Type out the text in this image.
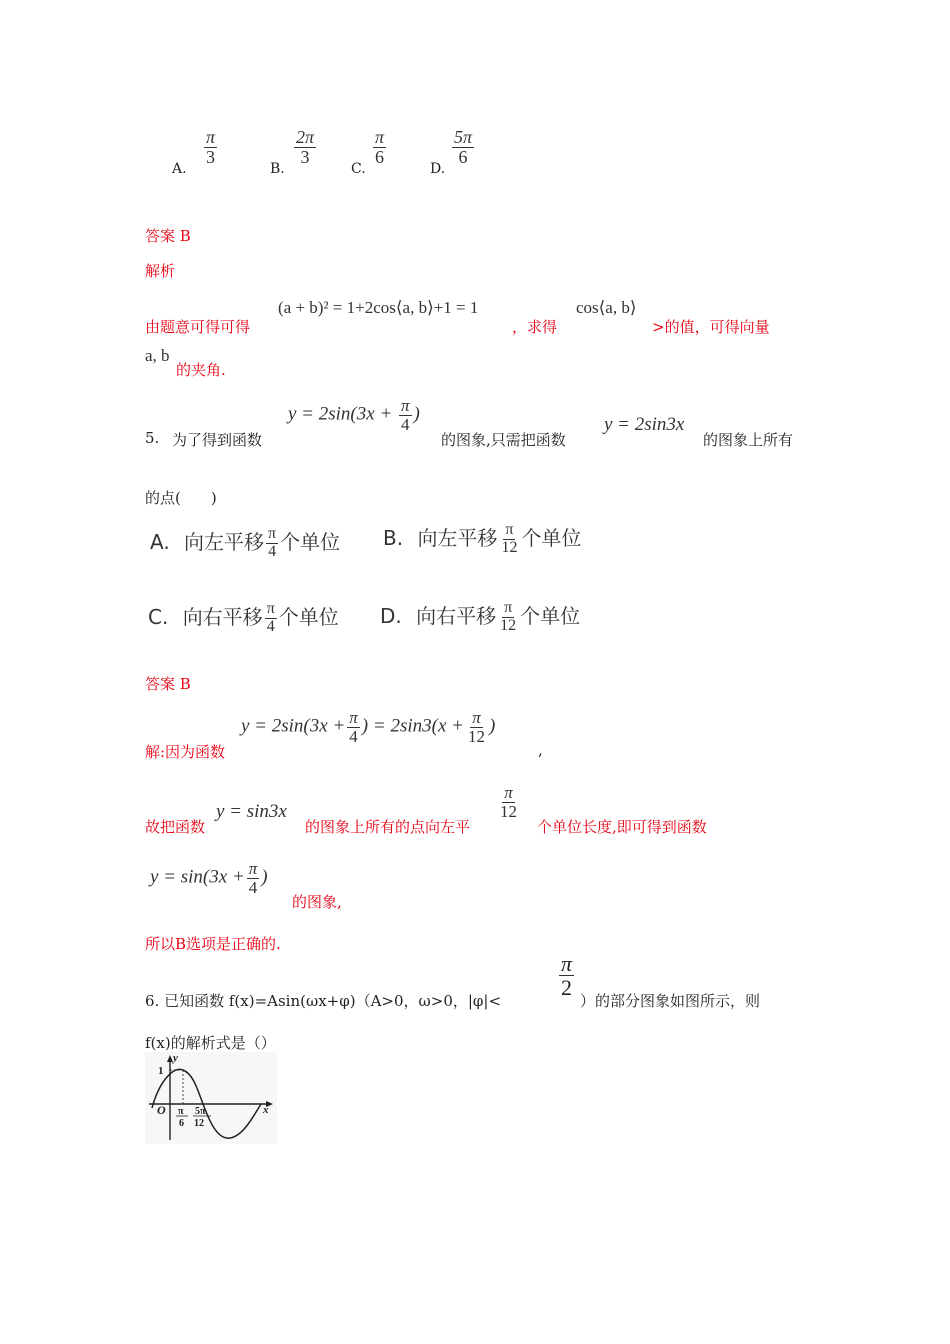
A.
$\frac{\pi}{3}$
B.
$\frac{2\pi}{3}$
C.
$\frac{\pi}{6}$
D.
$\frac{5\pi}{6}$
答案 B
解析
由题意可得可得
(a + b)² = 1+2cos⟨a, b⟩+1 = 1
，求得
cos⟨a, b⟩
>的值，可得向量
a, b
的夹角.
5. 为了得到函数
$y = 2\sin(3x + \frac{\pi}{4}$ )
的图象,只需把函数
y = 2sin3x
的图象上所有
的点(　　)
A. 向左平移 $\frac{\pi}{4}$ 个单位 B. 向左平移 $\frac{\pi}{12}$ 个单位
C. 向右平移 $\frac{\pi}{4}$ 个单位 D. 向右平移 $\frac{\pi}{12}$ 个单位
答案 B
解:因为函数
$y = 2\sin(3x + \frac{\pi}{4}$ ) = $2\sin 3(x + \frac{\pi}{12}$ )
,
故把函数
y = sin3x
的图象上所有的点向左平
$\frac{\pi}{12}$
个单位长度,即可得到函数
$y = \sin(3x + \frac{\pi}{4}$ )
的图象,
所以B选项是正确的.
6. 已知函数 f(x)=Asin(ωx+φ)（A>0，ω>0，|φ|<
$\frac{\pi}{2}$
）的部分图象如图所示，则
f(x)的解析式是（）
1
O
y
x
π
6
5π
12
